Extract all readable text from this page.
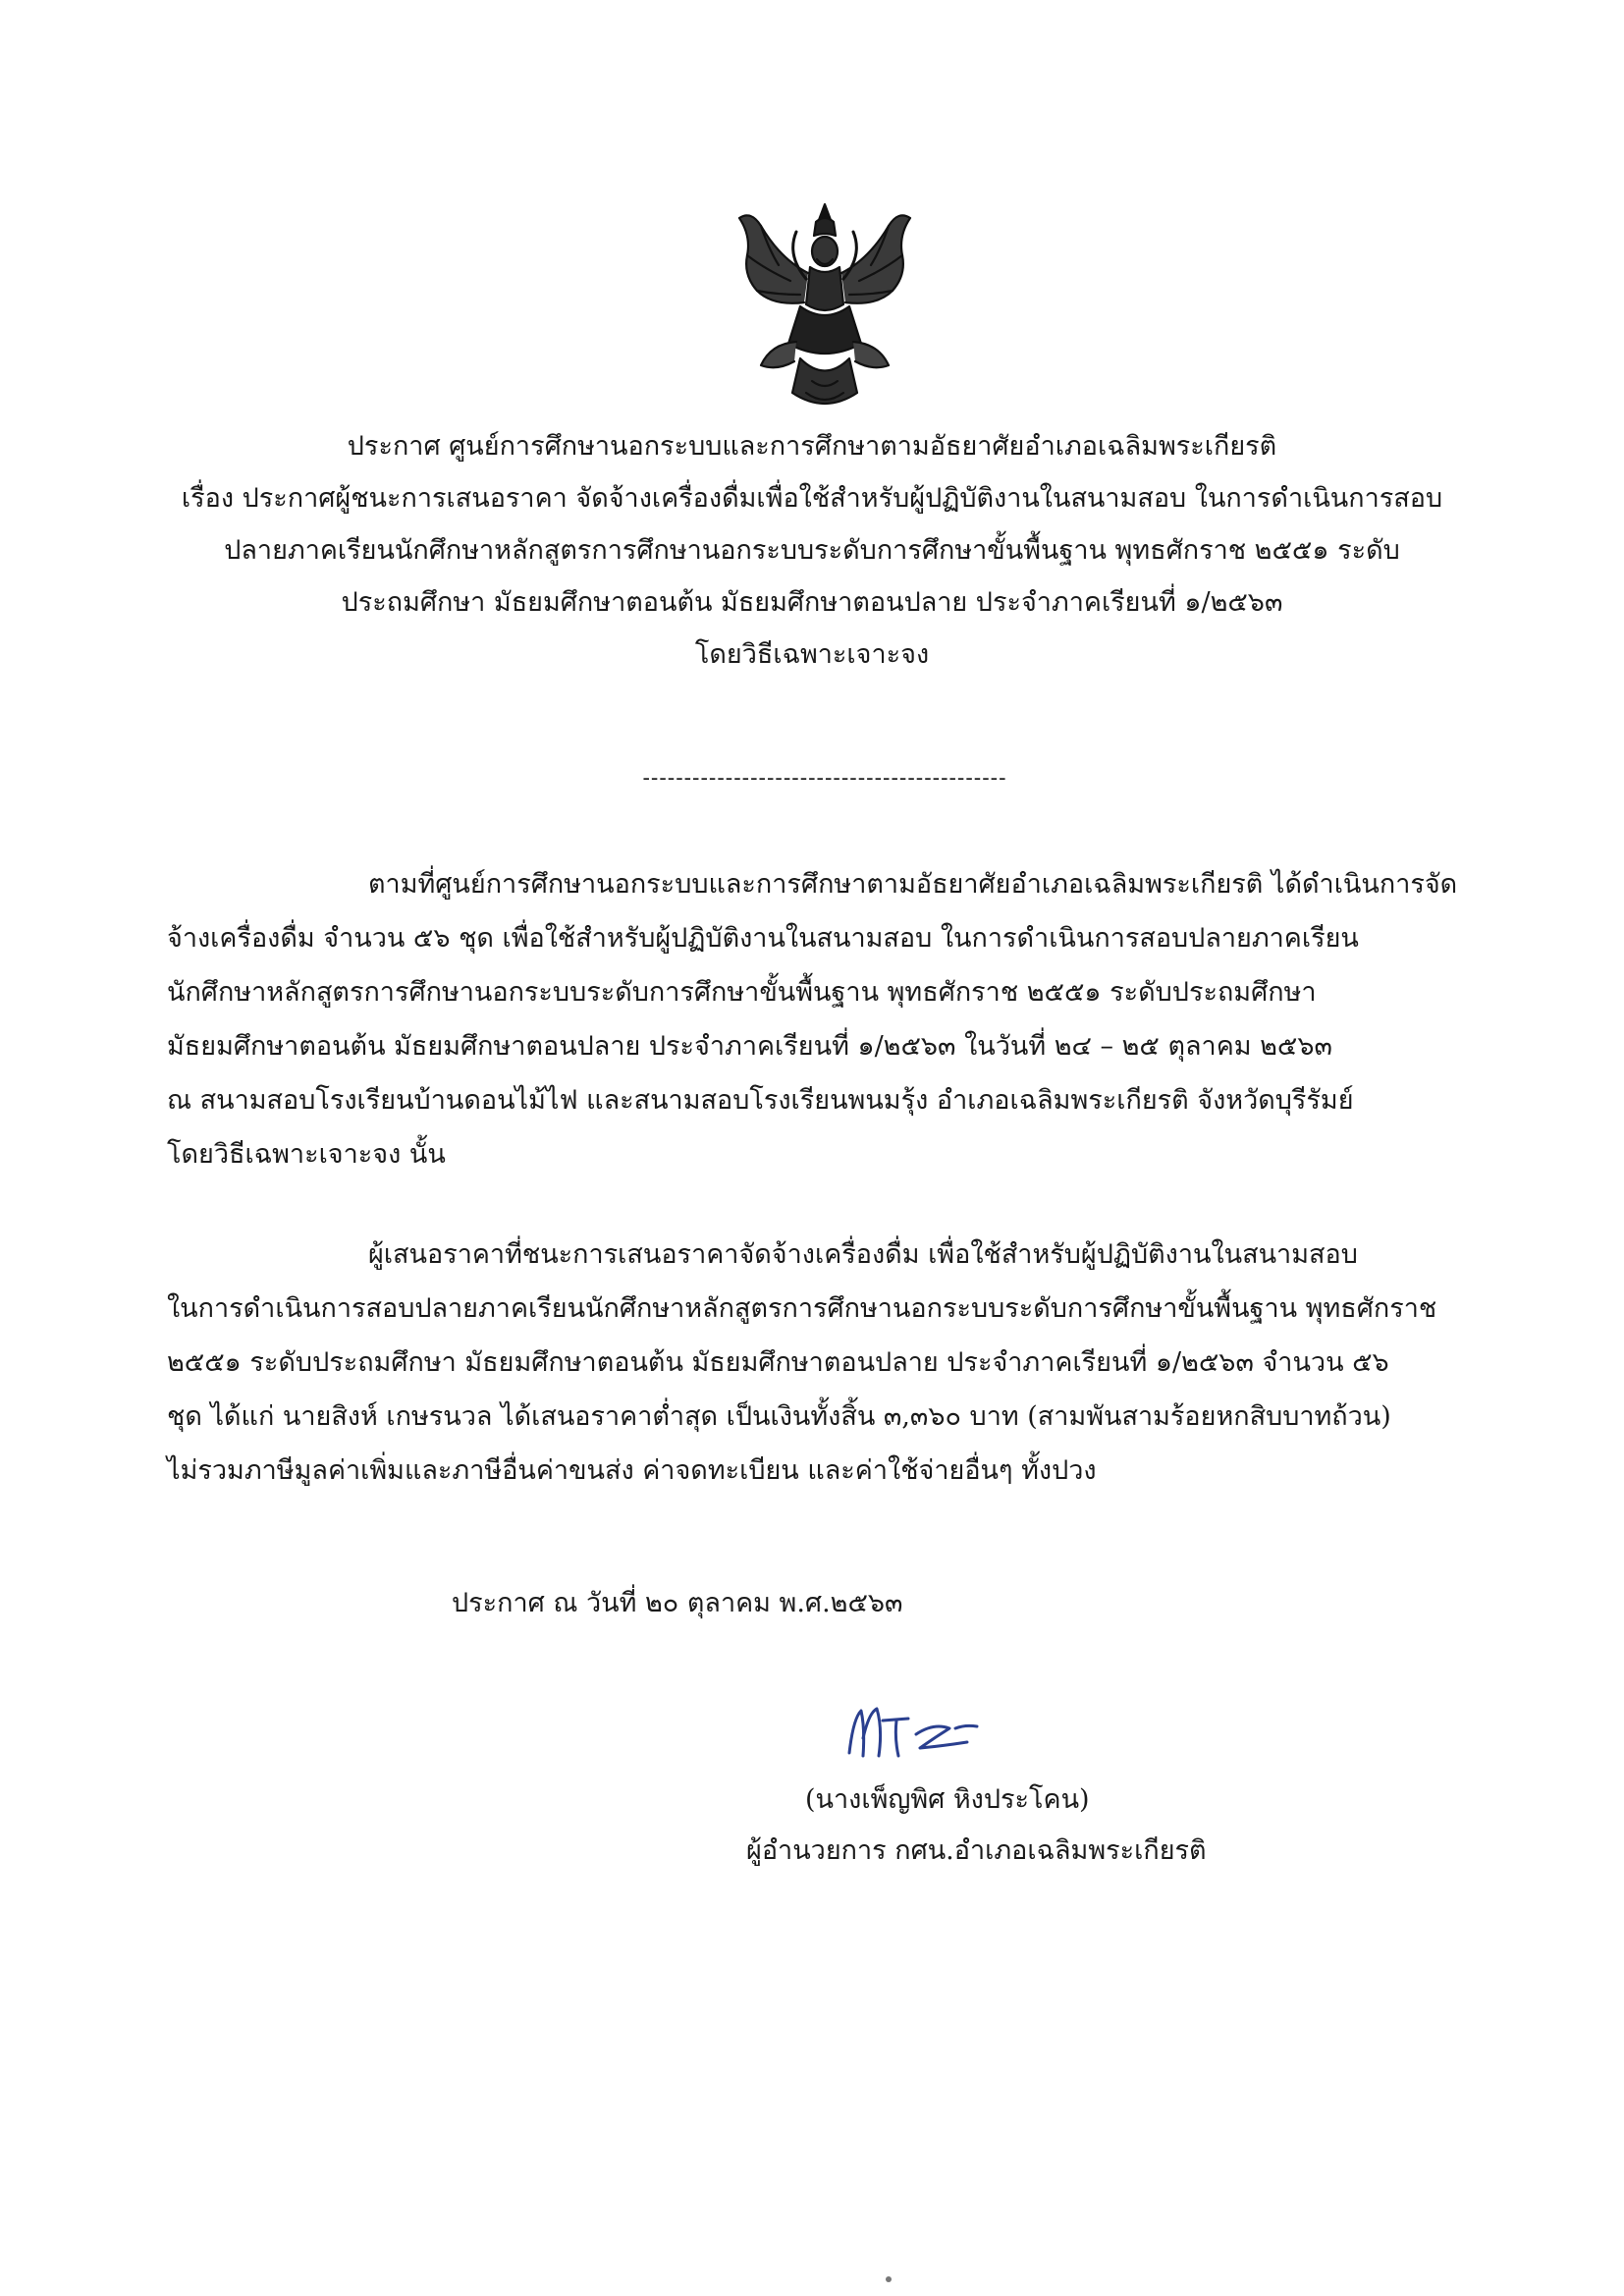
ประกาศ ศูนย์การศึกษานอกระบบและการศึกษาตามอัธยาศัยอำเภอเฉลิมพระเกียรติ
เรื่อง ประกาศผู้ชนะการเสนอราคา จัดจ้างเครื่องดื่มเพื่อใช้สำหรับผู้ปฏิบัติงานในสนามสอบ ในการดำเนินการสอบ
ปลายภาคเรียนนักศึกษาหลักสูตรการศึกษานอกระบบระดับการศึกษาขั้นพื้นฐาน พุทธศักราช ๒๕๕๑ ระดับ
ประถมศึกษา มัธยมศึกษาตอนต้น มัธยมศึกษาตอนปลาย ประจำภาคเรียนที่ ๑/๒๕๖๓
โดยวิธีเฉพาะเจาะจง
--------------------------------------------
ตามที่ศูนย์การศึกษานอกระบบและการศึกษาตามอัธยาศัยอำเภอเฉลิมพระเกียรติ ได้ดำเนินการจัด
จ้างเครื่องดื่ม จำนวน ๕๖ ชุด เพื่อใช้สำหรับผู้ปฏิบัติงานในสนามสอบ ในการดำเนินการสอบปลายภาคเรียน
นักศึกษาหลักสูตรการศึกษานอกระบบระดับการศึกษาขั้นพื้นฐาน พุทธศักราช ๒๕๕๑ ระดับประถมศึกษา
มัธยมศึกษาตอนต้น มัธยมศึกษาตอนปลาย ประจำภาคเรียนที่ ๑/๒๕๖๓ ในวันที่ ๒๔ – ๒๕ ตุลาคม ๒๕๖๓
ณ สนามสอบโรงเรียนบ้านดอนไม้ไฟ และสนามสอบโรงเรียนพนมรุ้ง อำเภอเฉลิมพระเกียรติ จังหวัดบุรีรัมย์
โดยวิธีเฉพาะเจาะจง นั้น
ผู้เสนอราคาที่ชนะการเสนอราคาจัดจ้างเครื่องดื่ม เพื่อใช้สำหรับผู้ปฏิบัติงานในสนามสอบ
ในการดำเนินการสอบปลายภาคเรียนนักศึกษาหลักสูตรการศึกษานอกระบบระดับการศึกษาขั้นพื้นฐาน พุทธศักราช
๒๕๕๑ ระดับประถมศึกษา มัธยมศึกษาตอนต้น มัธยมศึกษาตอนปลาย ประจำภาคเรียนที่ ๑/๒๕๖๓ จำนวน ๕๖
ชุด ได้แก่ นายสิงห์ เกษรนวล ได้เสนอราคาต่ำสุด เป็นเงินทั้งสิ้น ๓,๓๖๐ บาท (สามพันสามร้อยหกสิบบาทถ้วน)
ไม่รวมภาษีมูลค่าเพิ่มและภาษีอื่นค่าขนส่ง ค่าจดทะเบียน และค่าใช้จ่ายอื่นๆ ทั้งปวง
ประกาศ ณ วันที่ ๒๐ ตุลาคม พ.ศ.๒๕๖๓
(นางเพ็ญพิศ หิงประโคน)
ผู้อำนวยการ กศน.อำเภอเฉลิมพระเกียรติ
